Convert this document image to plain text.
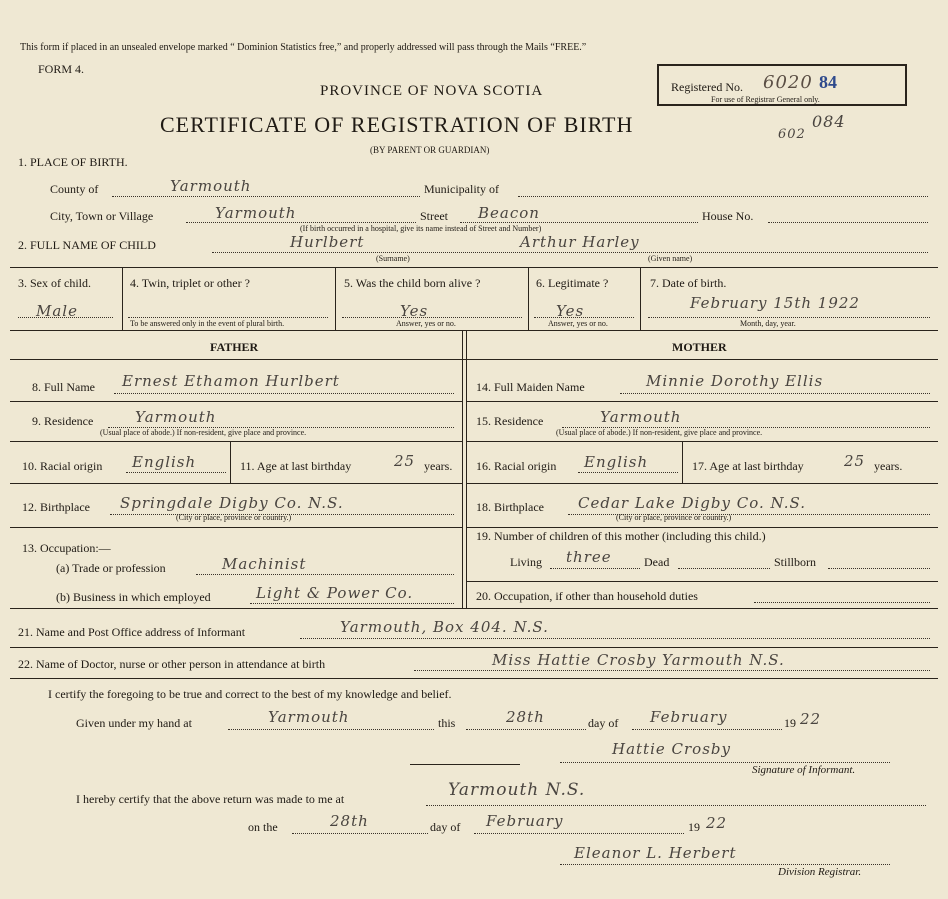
This form if placed in an unsealed envelope marked “ Dominion Statistics free,” and properly addressed will pass through the Mails “FREE.”
FORM 4.
PROVINCE OF NOVA SCOTIA
CERTIFICATE OF REGISTRATION OF BIRTH
(BY PARENT OR GUARDIAN)
Registered No. 6020 84
For use of Registrar General only.
084
602
1. PLACE OF BIRTH.
County of	Yarmouth	Municipality of
City, Town or Village	Yarmouth	Street Beacon	House No.
(If birth occurred in a hospital, give its name instead of Street and Number)
2. FULL NAME OF CHILD	Hurlbert	Arthur Harley
(Surname)	(Given name)
3. Sex of child.
Male
4. Twin, triplet or other ?
To be answered only in the event of plural birth.
5. Was the child born alive ?
Yes
Answer, yes or no.
6. Legitimate ?
Yes
Answer, yes or no.
7. Date of birth.
February 15th 1922
Month, day, year.
FATHER	MOTHER
8. Full Name Ernest Ethamon Hurlbert
9. Residence	Yarmouth
(Usual place of abode.) If non-resident, give place and province.
10. Racial origin English	11. Age at last birthday	25 years.
12. Birthplace Springdale Digby Co. N.S.
(City or place, province or country.)
13. Occupation:—
(a) Trade or profession	Machinist
(b) Business in which employed	Light & Power Co.
14. Full Maiden Name	Minnie Dorothy Ellis
15. Residence	Yarmouth
(Usual place of abode.) If non-resident, give place and province.
16. Racial origin English	17. Age at last birthday	25 years.
18. Birthplace Cedar Lake Digby Co. N.S.
(City or place, province or country.)
19. Number of children of this mother (including this child.)
Living three	Dead	Stillborn
20. Occupation, if other than household duties
21. Name and Post Office address of Informant	Yarmouth, Box 404. N.S.
22. Name of Doctor, nurse or other person in attendance at birth	Miss Hattie Crosby Yarmouth N.S.
I certify the foregoing to be true and correct to the best of my knowledge and belief.
Given under my hand at	Yarmouth	this	28th	day of February	19 22
Hattie Crosby
Signature of Informant.
I hereby certify that the above return was made to me at	Yarmouth N.S.
on the	28th	day of February	19 22
Eleanor L. Herbert
Division Registrar.
